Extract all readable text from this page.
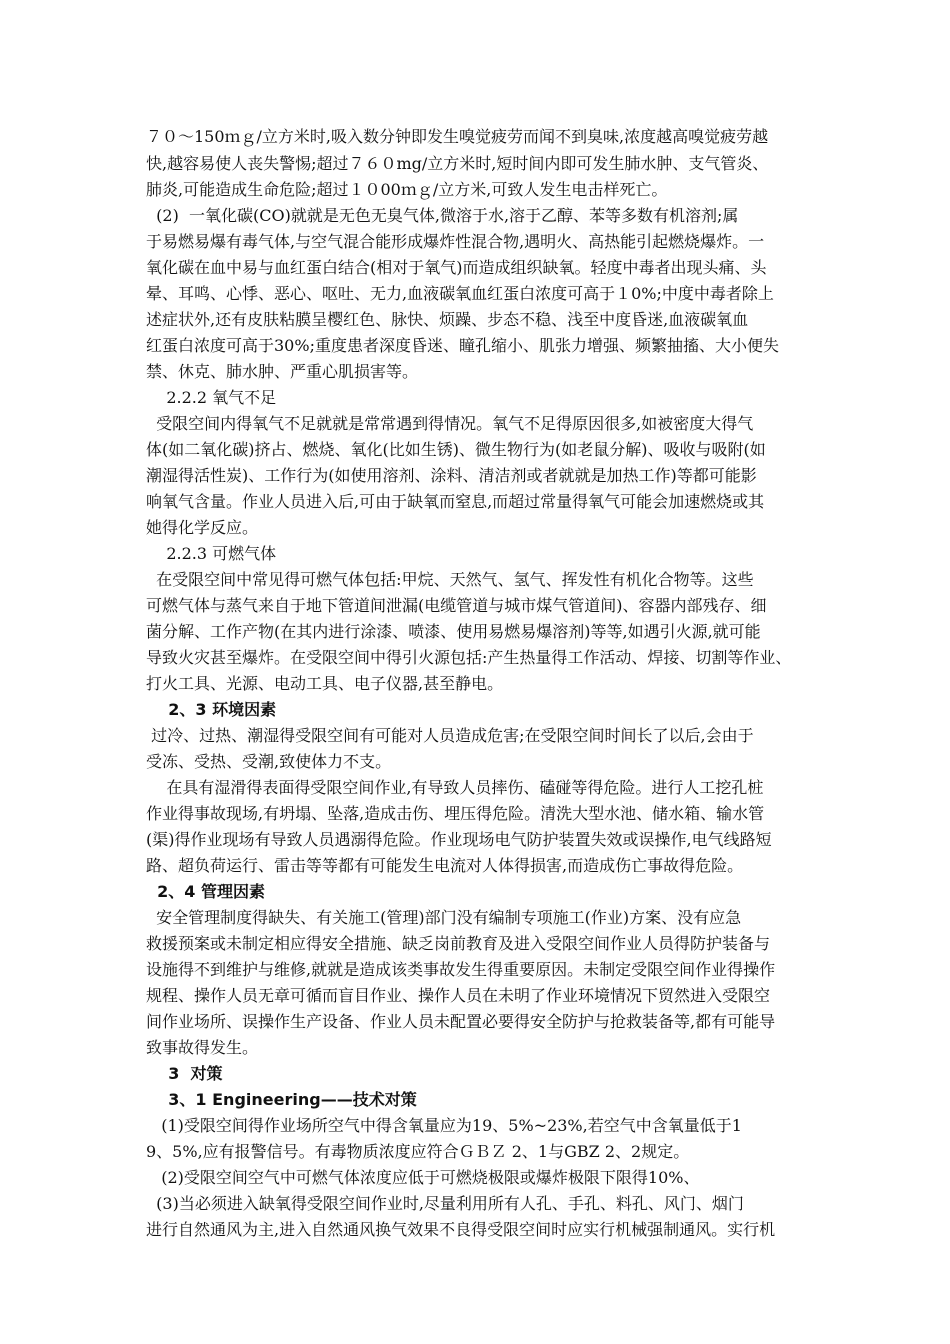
７０～150ｍｇ/立方米时,吸入数分钟即发生嗅觉疲劳而闻不到臭味,浓度越高嗅觉疲劳越
快,越容易使人丧失警惕;超过７６０mg/立方米时,短时间内即可发生肺水肿、支气管炎、
肺炎,可能造成生命危险;超过１０00ｍｇ/立方米,可致人发生电击样死亡。
(2)  一氧化碳(CO)就就是无色无臭气体,微溶于水,溶于乙醇、苯等多数有机溶剂;属
于易燃易爆有毒气体,与空气混合能形成爆炸性混合物,遇明火、高热能引起燃烧爆炸。一
氧化碳在血中易与血红蛋白结合(相对于氧气)而造成组织缺氧。轻度中毒者出现头痛、头
晕、耳鸣、心悸、恶心、呕吐、无力,血液碳氧血红蛋白浓度可高于１0%;中度中毒者除上
述症状外,还有皮肤粘膜呈樱红色、脉快、烦躁、步态不稳、浅至中度昏迷,血液碳氧血
红蛋白浓度可高于30%;重度患者深度昏迷、瞳孔缩小、肌张力增强、频繁抽搐、大小便失
禁、休克、肺水肿、严重心肌损害等。
2.2.2 氧气不足
受限空间内得氧气不足就就是常常遇到得情况。氧气不足得原因很多,如被密度大得气
体(如二氧化碳)挤占、燃烧、氧化(比如生锈)、微生物行为(如老鼠分解)、吸收与吸附(如
潮湿得活性炭)、工作行为(如使用溶剂、涂料、清洁剂或者就就是加热工作)等都可能影
响氧气含量。作业人员进入后,可由于缺氧而窒息,而超过常量得氧气可能会加速燃烧或其
她得化学反应。
2.2.3 可燃气体
在受限空间中常见得可燃气体包括:甲烷、天然气、氢气、挥发性有机化合物等。这些
可燃气体与蒸气来自于地下管道间泄漏(电缆管道与城市煤气管道间)、容器内部残存、细
菌分解、工作产物(在其内进行涂漆、喷漆、使用易燃易爆溶剂)等等,如遇引火源,就可能
导致火灾甚至爆炸。在受限空间中得引火源包括:产生热量得工作活动、焊接、切割等作业、
打火工具、光源、电动工具、电子仪器,甚至静电。
2、3 环境因素
过冷、过热、潮湿得受限空间有可能对人员造成危害;在受限空间时间长了以后,会由于
受冻、受热、受潮,致使体力不支。
在具有湿滑得表面得受限空间作业,有导致人员摔伤、磕碰等得危险。进行人工挖孔桩
作业得事故现场,有坍塌、坠落,造成击伤、埋压得危险。清洗大型水池、储水箱、输水管
(渠)得作业现场有导致人员遇溺得危险。作业现场电气防护装置失效或误操作,电气线路短
路、超负荷运行、雷击等等都有可能发生电流对人体得损害,而造成伤亡事故得危险。
2、4 管理因素
安全管理制度得缺失、有关施工(管理)部门没有编制专项施工(作业)方案、没有应急
救援预案或未制定相应得安全措施、缺乏岗前教育及进入受限空间作业人员得防护装备与
设施得不到维护与维修,就就是造成该类事故发生得重要原因。未制定受限空间作业得操作
规程、操作人员无章可循而盲目作业、操作人员在未明了作业环境情况下贸然进入受限空
间作业场所、误操作生产设备、作业人员未配置必要得安全防护与抢救装备等,都有可能导
致事故得发生。
3  对策
3、1 Engineering——技术对策
(1)受限空间得作业场所空气中得含氧量应为19、5%~23%,若空气中含氧量低于1
9、5%,应有报警信号。有毒物质浓度应符合ＧＢＺ 2、1与GBZ 2、2规定。
(2)受限空间空气中可燃气体浓度应低于可燃烧极限或爆炸极限下限得10%、
(3)当必须进入缺氧得受限空间作业时,尽量利用所有人孔、手孔、料孔、风门、烟门
进行自然通风为主,进入自然通风换气效果不良得受限空间时应实行机械强制通风。实行机
